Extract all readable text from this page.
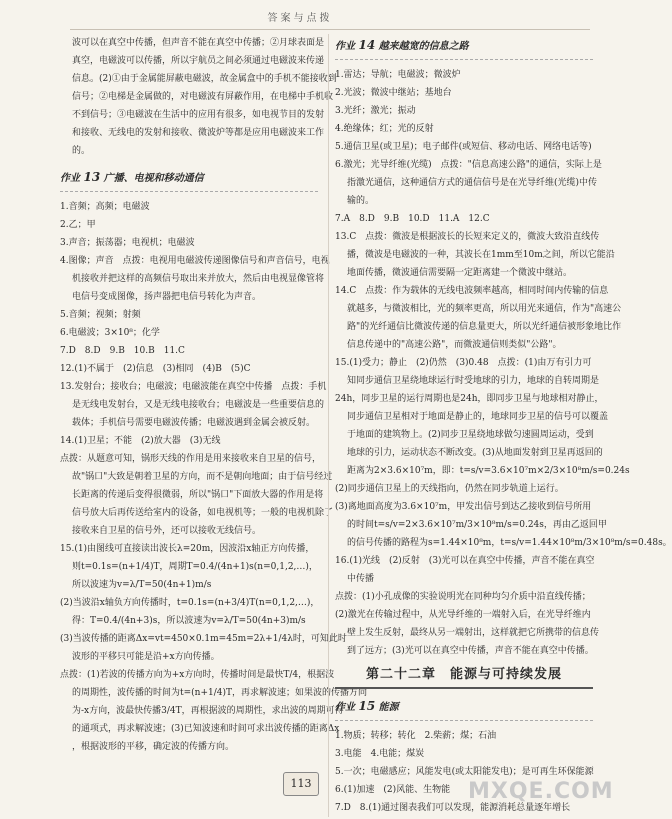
答案与点拨
波可以在真空中传播，但声音不能在真空中传播；②月球表面是
真空，电磁波可以传播，所以宇航员之间必须通过电磁波来传递
信息。(2)①由于金属能屏蔽电磁波，故金属盒中的手机不能接收到
信号；②电梯是金属做的，对电磁波有屏蔽作用，在电梯中手机收
不到信号；③电磁波在生活中的应用有很多，如电视节目的发射
和接收、无线电的发射和接收、微波炉等都是应用电磁波来工作
的。
作业 13 广播、电视和移动通信
1.音频；高频；电磁波
2.乙；甲
3.声音；振荡器；电视机；电磁波
4.图像；声音　点拨：电视用电磁波传递图像信号和声音信号，电视
机接收并把这样的高频信号取出来并放大，然后由电视显像管将
电信号变成图像，扬声器把电信号转化为声音。
5.音频；视频；射频
6.电磁波；3×10⁸；化学
7.D　8.D　9.B　10.B　11.C
12.(1)不属于　(2)信息　(3)相同　(4)B　(5)C
13.发射台；接收台；电磁波；电磁波能在真空中传播　点拨：手机
是无线电发射台，又是无线电接收台；电磁波是一些重要信息的
载体；手机信号需要电磁波传播；电磁波遇到金属会被反射。
14.(1)卫星；不能　(2)放大器　(3)无线
点拨：从题意可知，锅形天线的作用是用来接收来自卫星的信号，
故"锅口"大致是朝着卫星的方向，而不是朝向地面；由于信号经过
长距离的传递后变得很微弱，所以"锅口"下面放大器的作用是将
信号放大后再传送给室内的设备，如电视机等；一般的电视机除了
接收来自卫星的信号外，还可以接收无线信号。
15.(1)由图线可直接读出波长λ=20m，因波沿x轴正方向传播，
则t=0.1s=(n+1/4)T，周期T=0.4/(4n+1)s(n=0,1,2,…)，
所以波速为v=λ/T=50(4n+1)m/s
(2)当波沿x轴负方向传播时，t=0.1s=(n+3/4)T(n=0,1,2,…)，
得：T=0.4/(4n+3)s，所以波速为v=λ/T=50(4n+3)m/s
(3)当波传播的距离Δx=vt=450×0.1m=45m=2λ+1/4λ时，可知此时
波形的平移只可能是沿+x方向传播。
点拨：(1)若波的传播方向为+x方向时，传播时间是最快T/4，根据波
的周期性，波传播的时间为t=(n+1/4)T，再求解波速；如果波的传播方向
为-x方向，波最快传播3/4T，再根据波的周期性，求出波的周期可得
的通项式，再求解波速；(3)已知波速和时间可求出波传播的距离Δx
，根据波形的平移，确定波的传播方向。
作业 14 越来越宽的信息之路
1.雷达；导航；电磁波；微波炉
2.光波；微波中继站；基地台
3.光纤；激光；振动
4.绝缘体；红；光的反射
5.通信卫星(或卫星)；电子邮件(或短信、移动电话、网络电话等)
6.激光；光导纤维(光缆)　点拨："信息高速公路"的通信，实际上是
指激光通信，这种通信方式的通信信号是在光导纤维(光缆)中传
输的。
7.A　8.D　9.B　10.D　11.A　12.C
13.C　点拨：微波是根据波长的长短来定义的，微波大致沿直线传
播，微波是电磁波的一种，其波长在1mm至10m之间，所以它能沿
地面传播，微波通信需要隔一定距离建一个微波中继站。
14.C　点拨：作为载体的无线电波频率越高，相同时间内传输的信息
就越多，与微波相比，光的频率更高，所以用光来通信，作为"高速公
路"的光纤通信比微波传递的信息量更大，所以光纤通信被形象地比作
信息传递中的"高速公路"，而微波通信则类似"公路"。
15.(1)受力；静止　(2)仍然　(3)0.48　点拨：(1)由万有引力可
知同步通信卫星绕地球运行时受地球的引力，地球的自转周期是
24h，同步卫星的运行周期也是24h，即同步卫星与地球相对静止，
同步通信卫星相对于地面是静止的，地球同步卫星的信号可以覆盖
于地面的建筑物上。(2)同步卫星绕地球做匀速圆周运动，受到
地球的引力，运动状态不断改变。(3)从地面发射到卫星再返回的
距离为2×3.6×10⁷m，即：t=s/v=3.6×10⁷m×2/3×10⁸m/s=0.24s
(2)同步通信卫星上的天线指向，仍然在同步轨道上运行。
(3)离地面高度为3.6×10⁷m，甲发出信号到达乙接收到信号所用
的时间t=s/v=2×3.6×10⁷m/3×10⁸m/s=0.24s，再由乙返回甲
的信号传播的路程为s=1.44×10⁸m，t=s/v=1.44×10⁸m/3×10⁸m/s=0.48s。
16.(1)光线　(2)反射　(3)光可以在真空中传播，声音不能在真空
中传播
点拨：(1)小孔成像的实验说明光在同种均匀介质中沿直线传播；
(2)激光在传输过程中，从光导纤维的一端射入后，在光导纤维内
壁上发生反射，最终从另一端射出，这样就把它所携带的信息传
到了远方；(3)光可以在真空中传播，声音不能在真空中传播。
第二十二章　能源与可持续发展
作业 15 能源
1.物质；转移；转化　2.柴薪；煤；石油
3.电能　4.电能；煤炭
5.一次；电磁感应；风能发电(或太阳能发电)；是可再生环保能源
6.(1)加速　(2)风能、生物能
7.D　8.(1)通过图表我们可以发现，能源消耗总量逐年增长
113	MXQE.COM
